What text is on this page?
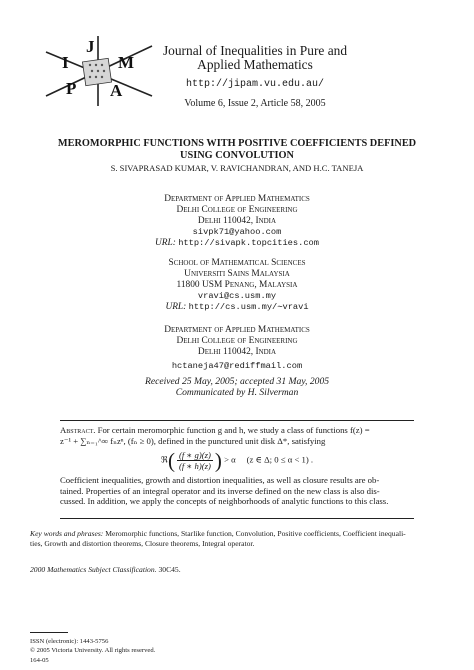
J
I	M
P A
Journal of Inequalities in Pure and
Applied Mathematics
http://jipam.vu.edu.au/
Volume 6, Issue 2, Article 58, 2005
MEROMORPHIC FUNCTIONS WITH POSITIVE COEFFICIENTS DEFINED
USING CONVOLUTION
S. SIVAPRASAD KUMAR, V. RAVICHANDRAN, AND H.C. TANEJA
Department of Applied Mathematics
Delhi College of Engineering
Delhi 110042, India
sivpk71@yahoo.com
URL: http://sivapk.topcities.com
School of Mathematical Sciences
Universiti Sains Malaysia
11800 USM Penang, Malaysia
vravi@cs.usm.my
URL: http://cs.usm.my/∼vravi
Department of Applied Mathematics
Delhi College of Engineering
Delhi 110042, India
hctaneja47@rediffmail.com
Received 25 May, 2005; accepted 31 May, 2005
Communicated by H. Silverman
Abstract. For certain meromorphic function g and h, we study a class of functions f(z) =
z⁻¹ + ∑ₙ₌₁^∞ fₙzⁿ, (fₙ ≥ 0), defined in the punctured unit disk Δ*, satisfying
ℜ( $\frac{(f ∗ g)(z)}{(f ∗ h)(z)}$ ) > α     (z ∈ Δ; 0 ≤ α < 1) .
Coefficient inequalities, growth and distortion inequalities, as well as closure results are ob-
tained. Properties of an integral operator and its inverse defined on the new class is also dis-
cussed. In addition, we apply the concepts of neighborhoods of analytic functions to this class.
Key words and phrases: Meromorphic functions, Starlike function, Convolution, Positive coefficients, Coefficient inequali-
ties, Growth and distortion theorems, Closure theorems, Integral operator.
2000 Mathematics Subject Classification. 30C45.
ISSN (electronic): 1443-5756
© 2005 Victoria University. All rights reserved.
164-05
